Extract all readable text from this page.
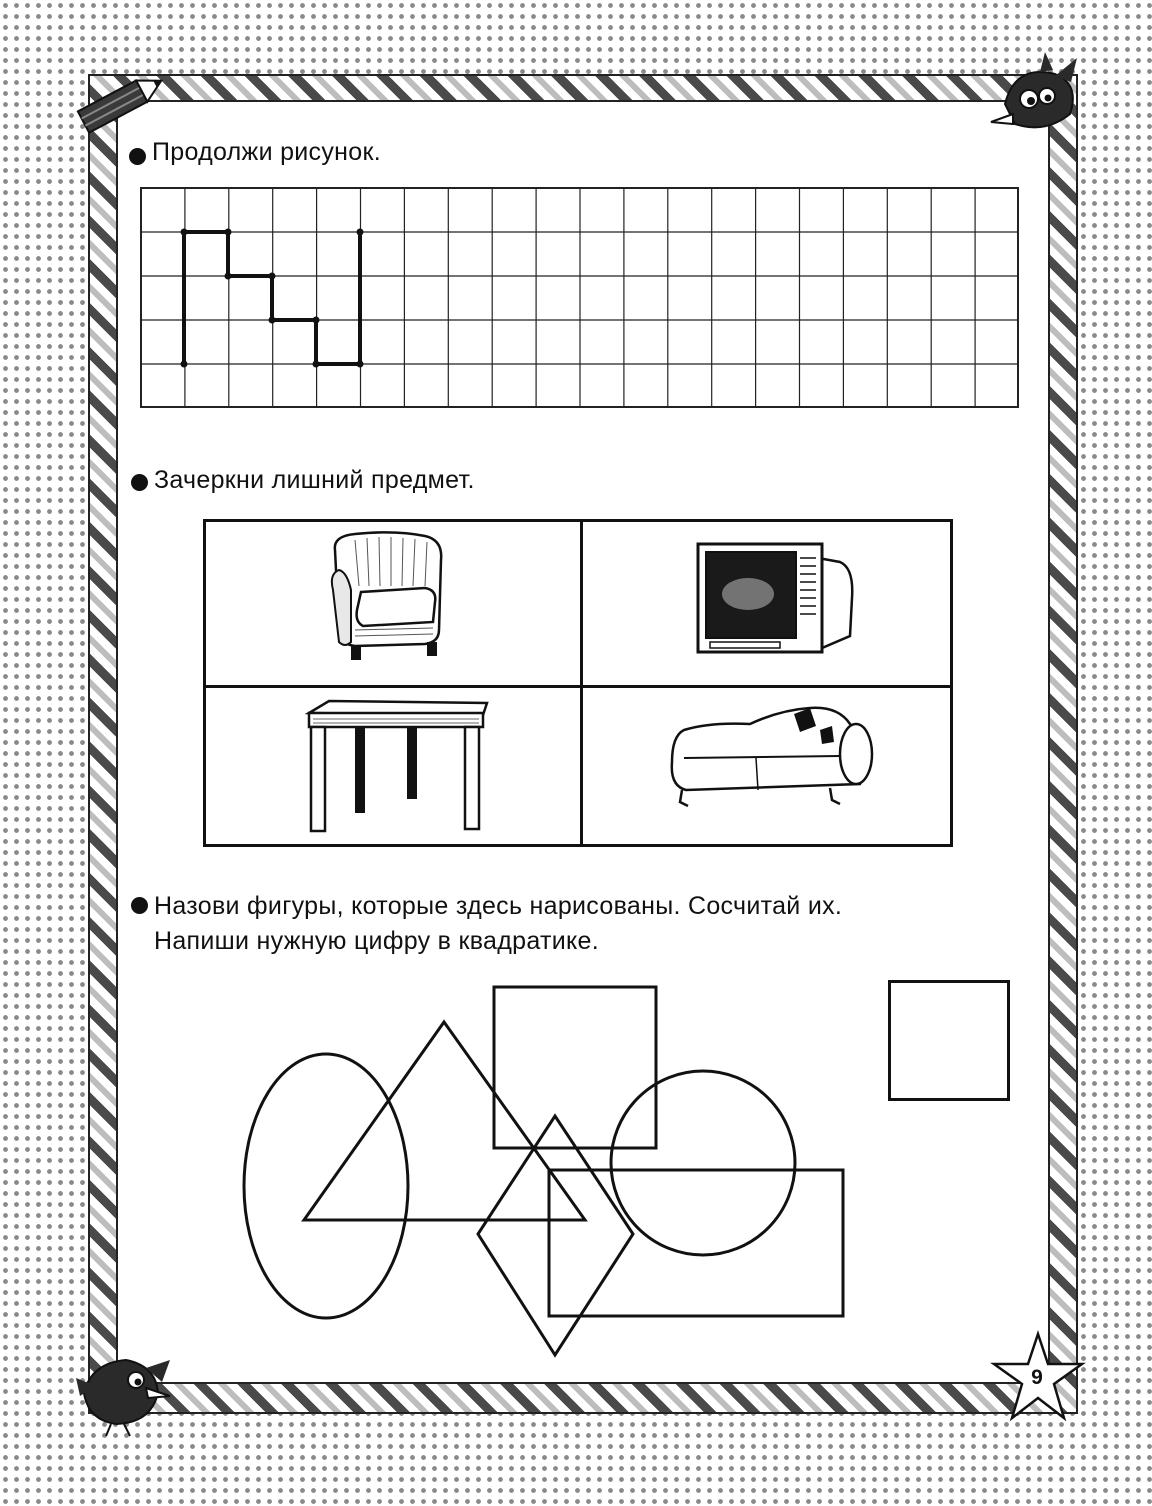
9
Продолжи рисунок.
Зачеркни лишний предмет.
Назови фигуры, которые здесь нарисованы. Сосчитай их.
Напиши нужную цифру в квадратике.
